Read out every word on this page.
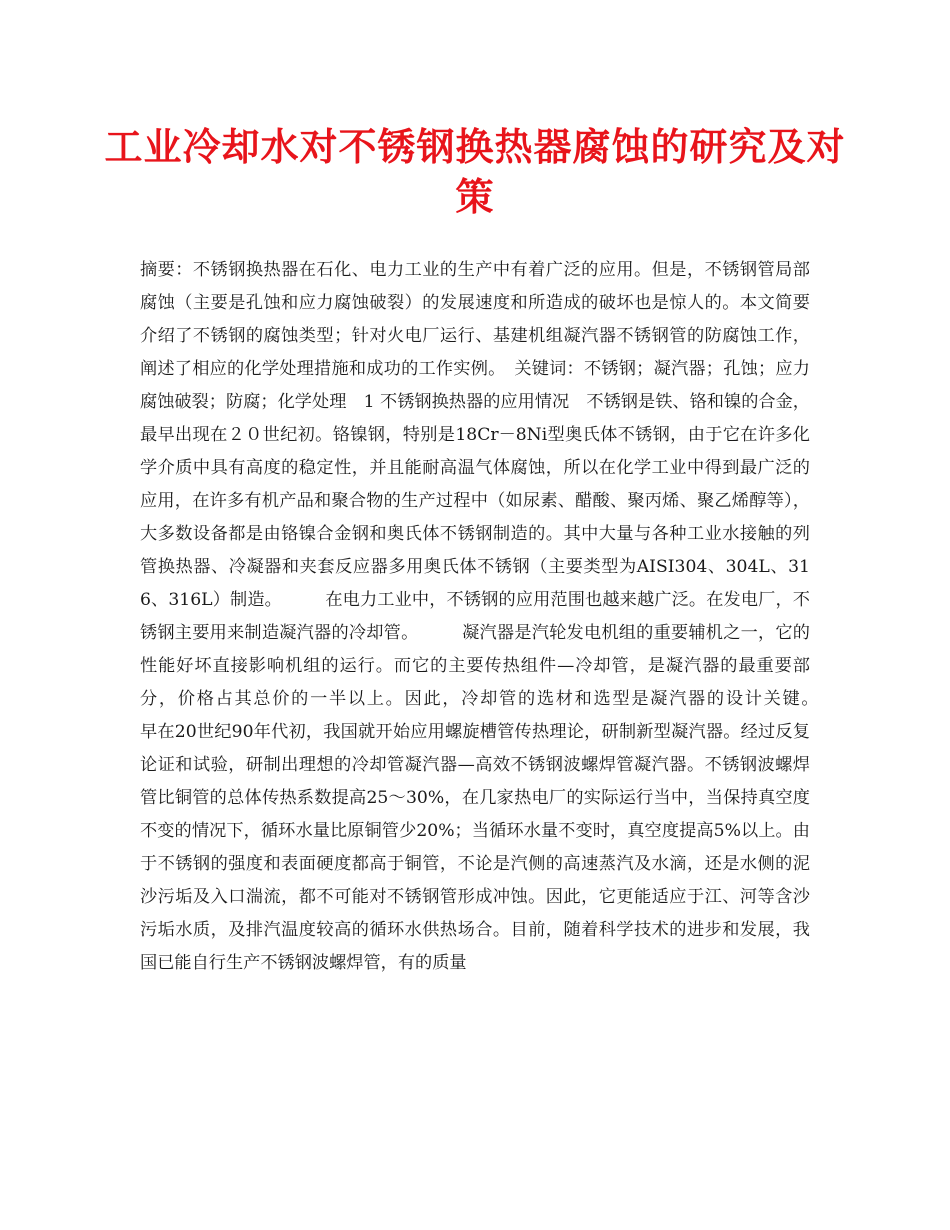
工业冷却水对不锈钢换热器腐蚀的研究及对策

摘要：不锈钢换热器在石化、电力工业的生产中有着广泛的应用。但是，不锈钢管局部腐蚀（主要是孔蚀和应力腐蚀破裂）的发展速度和所造成的破坏也是惊人的。本文简要介绍了不锈钢的腐蚀类型；针对火电厂运行、基建机组凝汽器不锈钢管的防腐蚀工作，阐述了相应的化学处理措施和成功的工作实例。　关键词：不锈钢；凝汽器；孔蚀；应力腐蚀破裂；防腐；化学处理　1 不锈钢换热器的应用情况　不锈钢是铁、铬和镍的合金，最早出现在２０世纪初。铬镍钢，特别是18Cr－8Ni型奥氏体不锈钢，由于它在许多化学介质中具有高度的稳定性，并且能耐高温气体腐蚀，所以在化学工业中得到最广泛的应用，在许多有机产品和聚合物的生产过程中（如尿素、醋酸、聚丙烯、聚乙烯醇等），大多数设备都是由铬镍合金钢和奥氏体不锈钢制造的。其中大量与各种工业水接触的列管换热器、冷凝器和夹套反应器多用奥氏体不锈钢（主要类型为AISI304、304L、316、316L）制造。　　　在电力工业中，不锈钢的应用范围也越来越广泛。在发电厂，不锈钢主要用来制造凝汽器的冷却管。　　　凝汽器是汽轮发电机组的重要辅机之一，它的性能好坏直接影响机组的运行。而它的主要传热组件—冷却管，是凝汽器的最重要部分，价格占其总价的一半以上。因此，冷却管的选材和选型是凝汽器的设计关键。　　　早在20世纪90年代初，我国就开始应用螺旋槽管传热理论，研制新型凝汽器。经过反复论证和试验，研制出理想的冷却管凝汽器—高效不锈钢波螺焊管凝汽器。不锈钢波螺焊管比铜管的总体传热系数提高25～30%，在几家热电厂的实际运行当中，当保持真空度不变的情况下，循环水量比原铜管少20%；当循环水量不变时，真空度提高5%以上。由于不锈钢的强度和表面硬度都高于铜管，不论是汽侧的高速蒸汽及水滴，还是水侧的泥沙污垢及入口湍流，都不可能对不锈钢管形成冲蚀。因此，它更能适应于江、河等含沙污垢水质，及排汽温度较高的循环水供热场合。目前，随着科学技术的进步和发展，我国已能自行生产不锈钢波螺焊管，有的质量
